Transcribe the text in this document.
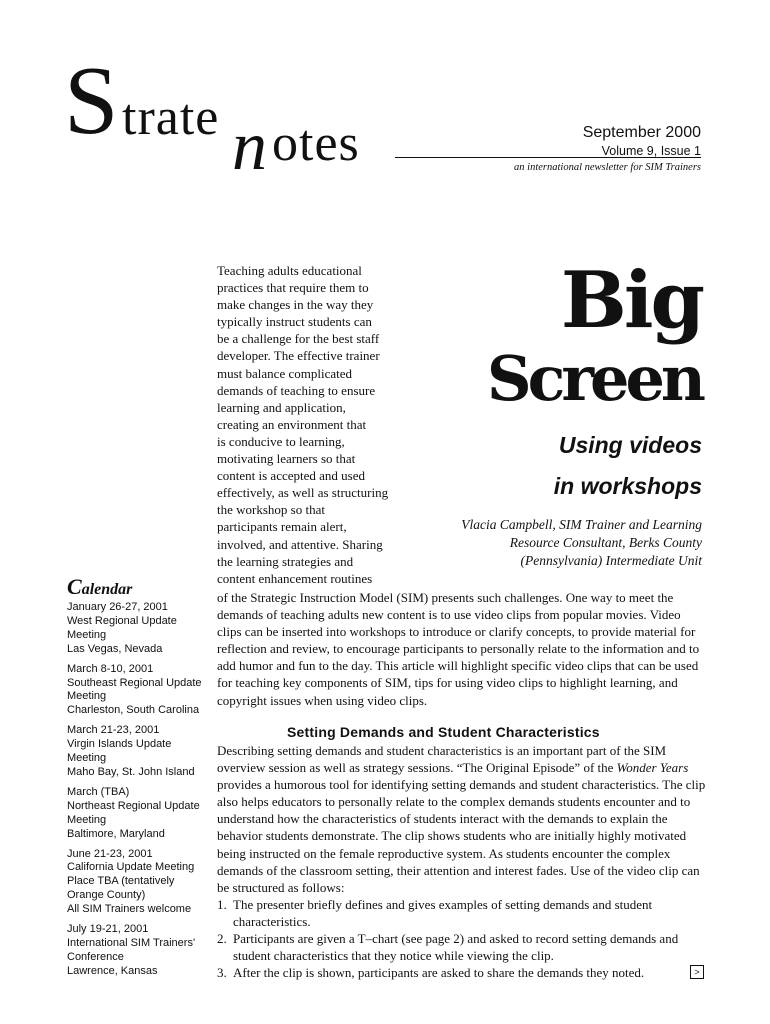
S trate n otes	September 2000
Volume 9, Issue 1
an international newsletter for SIM Trainers
Teaching adults educational
practices that require them to
make changes in the way they
typically instruct students can
be a challenge for the best staff
developer. The effective trainer
must balance complicated
demands of teaching to ensure
learning and application,
creating an environment that
is conducive to learning,
motivating learners so that
content is accepted and used
effectively, as well as structuring
the workshop so that
participants remain alert,
involved, and attentive. Sharing
the learning strategies and
content enhancement routines
Big
Screen
Using videos
in workshops
Vlacia Campbell, SIM Trainer and Learning
Resource Consultant, Berks County
(Pennsylvania) Intermediate Unit
of the Strategic Instruction Model (SIM) presents such challenges. One way to meet the demands of teaching adults new content is to use video clips from popular movies. Video clips can be inserted into workshops to introduce or clarify concepts, to provide material for reflection and review, to encourage participants to personally relate to the information and to add humor and fun to the day. This article will highlight specific video clips that can be used for teaching key components of SIM, tips for using video clips to highlight learning, and copyright issues when using video clips.
Setting Demands and Student Characteristics
Describing setting demands and student characteristics is an important part of the SIM overview session as well as strategy sessions. “The Original Episode” of the Wonder Years provides a humorous tool for identifying setting demands and student characteristics. The clip also helps educators to personally relate to the complex demands students encounter and to understand how the characteristics of students interact with the demands to explain the behavior students demonstrate. The clip shows students who are initially highly motivated being instructed on the female reproductive system. As students encounter the complex demands of the classroom setting, their attention and interest fades. Use of the video clip can be structured as follows:
1. The presenter briefly defines and gives examples of setting demands and student characteristics.
2. Participants are given a T–chart (see page 2) and asked to record setting demands and student characteristics that they notice while viewing the clip.
3. After the clip is shown, participants are asked to share the demands they noted.
Calendar
January 26-27, 2001
West Regional Update Meeting
Las Vegas, Nevada
March 8-10, 2001
Southeast Regional Update Meeting
Charleston, South Carolina
March 21-23, 2001
Virgin Islands Update Meeting
Maho Bay, St. John Island
March (TBA)
Northeast Regional Update Meeting
Baltimore, Maryland
June 21-23, 2001
California Update Meeting
Place TBA (tentatively Orange County)
All SIM Trainers welcome
July 19-21, 2001
International SIM Trainers' Conference
Lawrence, Kansas	>
